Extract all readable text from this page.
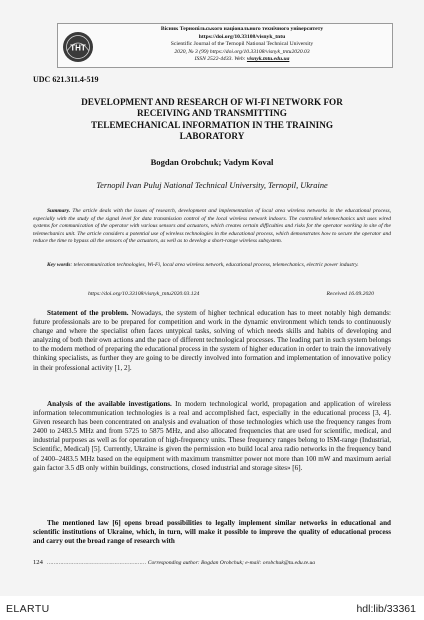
ТНТ
Вісник Тернопільського національного технічного університету
https://doi.org/10.33108/visnyk_tntu
Scientific Journal of the Ternopil National Technical University
2020, № 3 (99) https://doi.org/10.33108/visnyk_tntu2020.03
ISSN 2522-4433. Web: visnyk.tntu.edu.ua
UDC 621.311.4-519
DEVELOPMENT AND RESEARCH OF WI-FI NETWORK FOR
RECEIVING AND TRANSMITTING
TELEMECHANICAL INFORMATION IN THE TRAINING
LABORATORY
Bogdan Orobchuk; Vadym Koval
Ternopil Ivan Puluj National Technical University, Ternopil, Ukraine

Summary. The article deals with the issues of research, development and implementation of local area wireless networks in the educational process, especially with the study of the signal level for data transmission control of the local wireless network indoors. The controlled telemechanics unit uses wired systems for communication of the operator with various sensors and actuators, which creates certain difficulties and risks for the operator working in site of the telemechanics unit. The article considers a potential use of wireless technologies in the educational process, which demonstrates how to secure the operator and reduce the time to bypass all the sensors of the actuators, as well as to develop a short-range wireless subsystem.

Key words: telecommunication technologies, Wi-Fi, local area wireless network, educational process, telemechanics, electric power industry.

https://doi.org/10.33108/visnyk_tntu2020.03.124	Received 16.09.2020

Statement of the problem. Nowadays, the system of higher technical education has to meet notably high demands: future professionals are to be prepared for competition and work in the dynamic environment which tends to continuously change and where the specialist often faces untypical tasks, solving of which needs skills and habits of developing and analyzing of both their own actions and the pace of different technological processes. The leading part in such system belongs to the modern method of preparing the educational process in the system of higher education in order to train the innovatively thinking specialists, as further they are going to be directly involved into formation and implementation of innovative policy in their professional activity [1, 2].

Analysis of the available investigations. In modern technological world, propagation and application of wireless information telecommunication technologies is a real and accomplished fact, especially in the educational process [3, 4]. Given research has been concentrated on analysis and evaluation of those technologies which use the frequency ranges from 2400 to 2483.5 MHz and from 5725 to 5875 MHz, and also allocated frequencies that are used for scientific, medical, and industrial purposes as well as for operation of high-frequency units. These frequency ranges belong to ISM-range (Industrial, Scientific, Medical) [5]. Currently, Ukraine is given the permission «to build local area radio networks in the frequency band of 2400–2483.5 MHz based on the equipment with maximum transmitter power not more than 100 mW and maximum aerial gain factor 3.5 dB only within buildings, constructions, closed industrial and storage sites» [6].

The mentioned law [6] opens broad possibilities to legally implement similar networks in educational and scientific institutions of Ukraine, which, in turn, will make it possible to improve the quality of educational process and carry out the broad range of research with

124 …………………………………………………… Corresponding author: Bogdan Orobchuk; e-mail: orobchuk@tu.edu.te.ua
ELARTU	hdl:lib/33361
